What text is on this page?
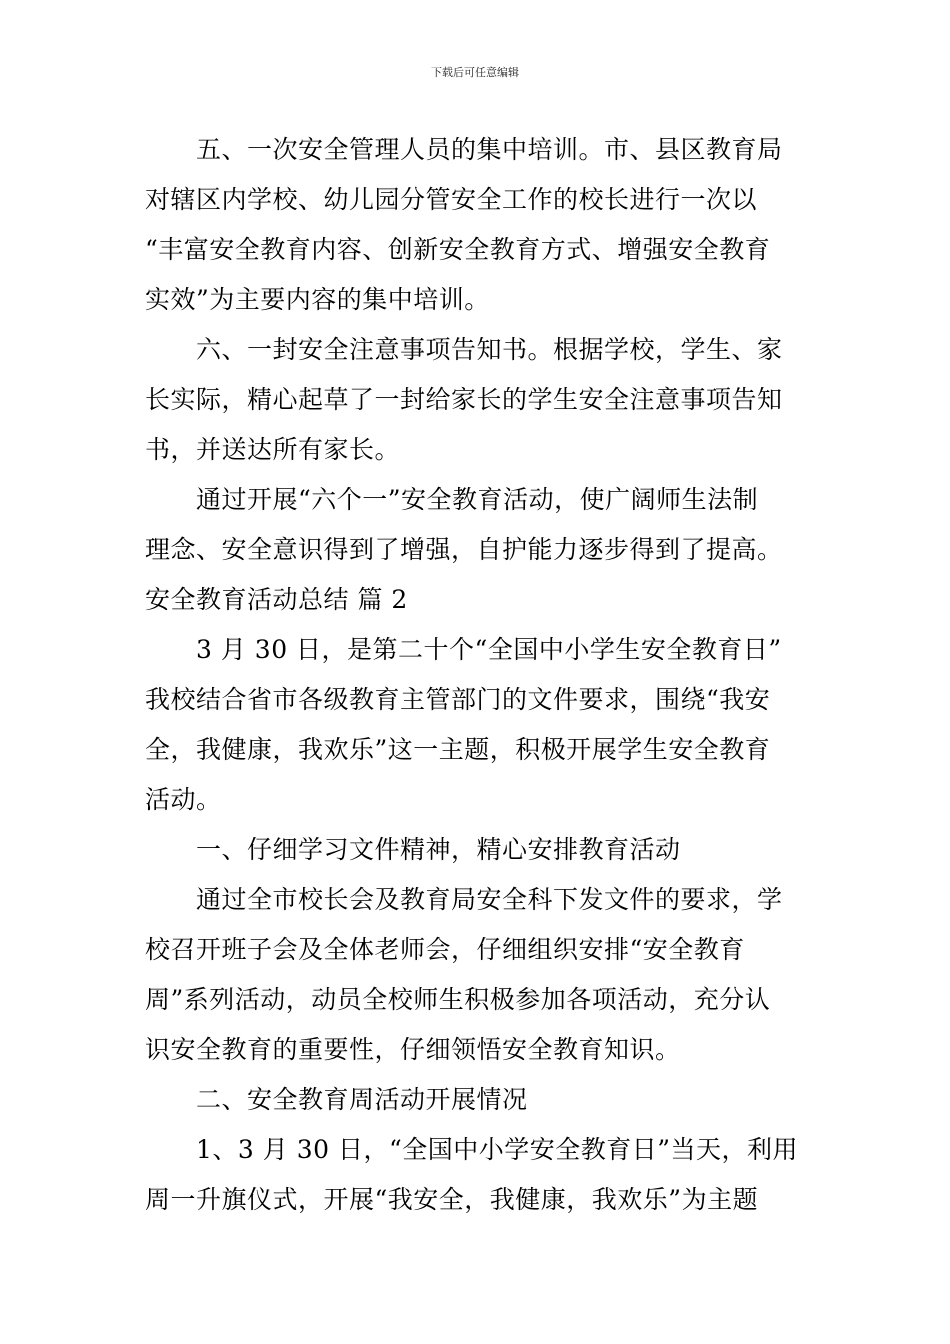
下载后可任意编辑
五、一次安全管理人员的集中培训。市、县区教育局
对辖区内学校、幼儿园分管安全工作的校长进行一次以
“丰富安全教育内容、创新安全教育方式、增强安全教育
实效”为主要内容的集中培训。
六、一封安全注意事项告知书。根据学校，学生、家
长实际，精心起草了一封给家长的学生安全注意事项告知
书，并送达所有家长。
通过开展“六个一”安全教育活动，使广阔师生法制
理念、安全意识得到了增强，自护能力逐步得到了提高。
安全教育活动总结 篇 2
3 月 30 日，是第二十个“全国中小学生安全教育日”
我校结合省市各级教育主管部门的文件要求，围绕“我安
全，我健康，我欢乐”这一主题，积极开展学生安全教育
活动。
一、仔细学习文件精神，精心安排教育活动
通过全市校长会及教育局安全科下发文件的要求，学
校召开班子会及全体老师会，仔细组织安排“安全教育
周”系列活动，动员全校师生积极参加各项活动，充分认
识安全教育的重要性，仔细领悟安全教育知识。
二、安全教育周活动开展情况
1、3 月 30 日，“全国中小学安全教育日”当天，利用
周一升旗仪式，开展“我安全，我健康，我欢乐”为主题
